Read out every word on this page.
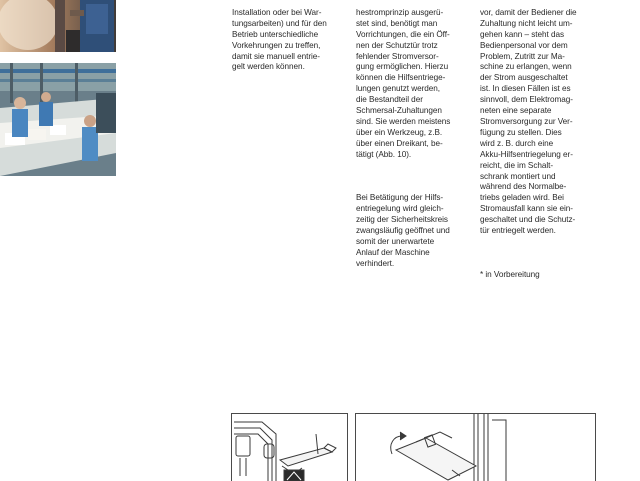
Installation oder bei War-
tungsarbeiten) und für den
Betrieb unterschiedliche
Vorkehrungen zu treffen,
damit sie manuell entrie-
gelt werden können.

hestromprinzip ausgerü-
stet sind, benötigt man
Vorrichtungen, die ein Öff-
nen der Schutztür trotz
fehlender Stromversor-
gung ermöglichen. Hierzu
können die Hilfsentriege-
lungen genutzt werden,
die Bestandteil der
Schmersal-Zuhaltungen
sind. Sie werden meistens
über ein Werkzeug, z.B.
über einen Dreikant, be-
tätigt (Abb. 10).

Bei Betätigung der Hilfs-
entriegelung wird gleich-
zeitig der Sicherheitskreis
zwangsläufig geöffnet und
somit der unerwartete
Anlauf der Maschine
verhindert.

vor, damit der Bediener die
Zuhaltung nicht leicht um-
gehen kann – steht das
Bedienpersonal vor dem
Problem, Zutritt zur Ma-
schine zu erlangen, wenn
der Strom ausgeschaltet
ist. In diesen Fällen ist es
sinnvoll, dem Elektromag-
neten eine separate
Stromversorgung zur Ver-
fügung zu stellen. Dies
wird z. B. durch eine
Akku-Hilfsentriegelung er-
reicht, die im Schalt-
schrank montiert und
während des Normalbe-
triebs geladen wird. Bei
Stromausfall kann sie ein-
geschaltet und die Schutz-
tür entriegelt werden.

* in Vorbereitung
